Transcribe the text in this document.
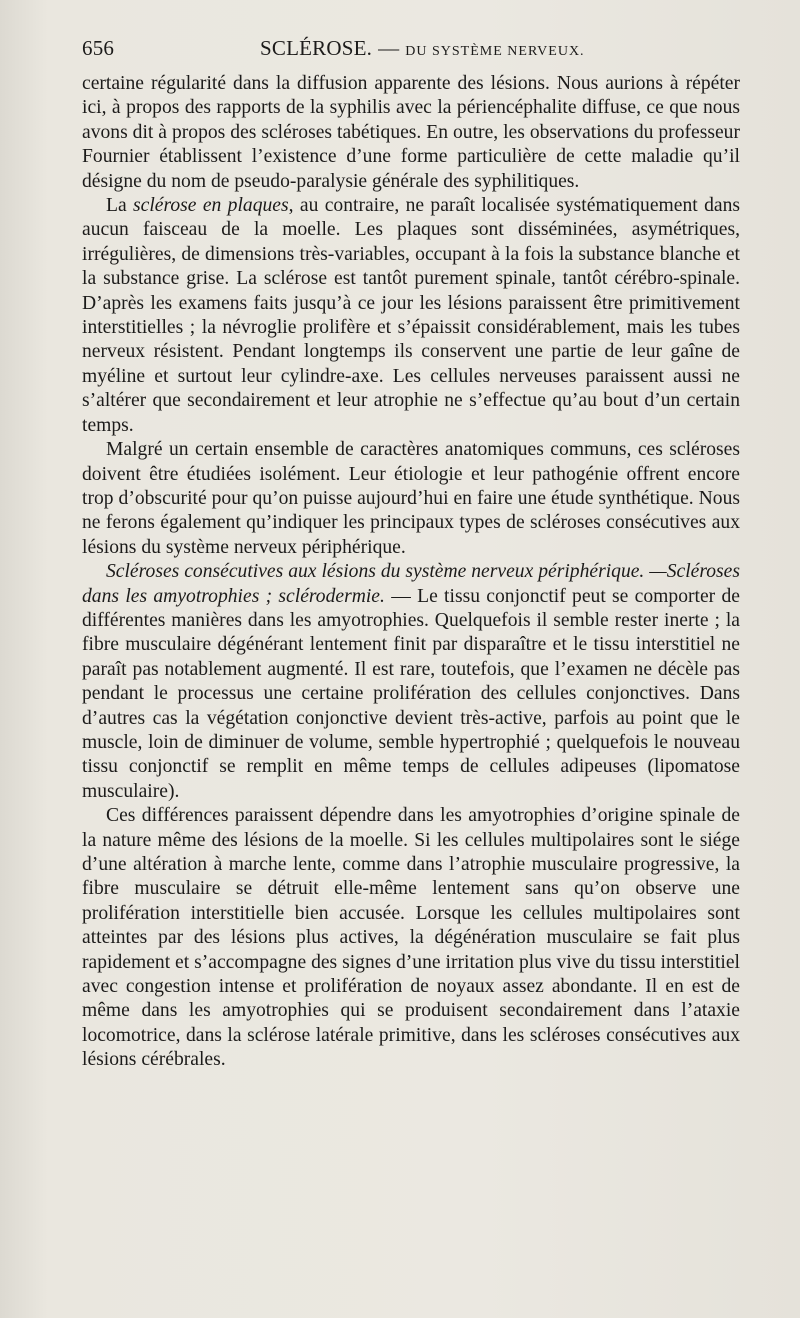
656	SCLÉROSE. — DU SYSTÈME NERVEUX.

certaine régularité dans la diffusion apparente des lésions. Nous aurions à répéter ici, à propos des rapports de la syphilis avec la périencéphalite diffuse, ce que nous avons dit à propos des scléroses tabétiques. En outre, les observations du professeur Fournier établissent l’existence d’une forme particulière de cette maladie qu’il désigne du nom de pseudo-paralysie générale des syphilitiques.

La sclérose en plaques, au contraire, ne paraît localisée systématiquement dans aucun faisceau de la moelle. Les plaques sont disséminées, asymétriques, irrégulières, de dimensions très-variables, occupant à la fois la substance blanche et la substance grise. La sclérose est tantôt purement spinale, tantôt cérébro-spinale. D’après les examens faits jusqu’à ce jour les lésions paraissent être primitivement interstitielles ; la névroglie prolifère et s’épaissit considérablement, mais les tubes nerveux résistent. Pendant longtemps ils conservent une partie de leur gaîne de myéline et surtout leur cylindre-axe. Les cellules nerveuses paraissent aussi ne s’altérer que secondairement et leur atrophie ne s’effectue qu’au bout d’un certain temps.

Malgré un certain ensemble de caractères anatomiques communs, ces scléroses doivent être étudiées isolément. Leur étiologie et leur pathogénie offrent encore trop d’obscurité pour qu’on puisse aujourd’hui en faire une étude synthétique. Nous ne ferons également qu’indiquer les principaux types de scléroses consécutives aux lésions du système nerveux périphérique.

Scléroses consécutives aux lésions du système nerveux périphérique. —Scléroses dans les amyotrophies ; sclérodermie. — Le tissu conjonctif peut se comporter de différentes manières dans les amyotrophies. Quelquefois il semble rester inerte ; la fibre musculaire dégénérant lentement finit par disparaître et le tissu interstitiel ne paraît pas notablement augmenté. Il est rare, toutefois, que l’examen ne décèle pas pendant le processus une certaine prolifération des cellules conjonctives. Dans d’autres cas la végétation conjonctive devient très-active, parfois au point que le muscle, loin de diminuer de volume, semble hypertrophié ; quelquefois le nouveau tissu conjonctif se remplit en même temps de cellules adipeuses (lipomatose musculaire).

Ces différences paraissent dépendre dans les amyotrophies d’origine spinale de la nature même des lésions de la moelle. Si les cellules multipolaires sont le siége d’une altération à marche lente, comme dans l’atrophie musculaire progressive, la fibre musculaire se détruit elle-même lentement sans qu’on observe une prolifération interstitielle bien accusée. Lorsque les cellules multipolaires sont atteintes par des lésions plus actives, la dégénération musculaire se fait plus rapidement et s’accompagne des signes d’une irritation plus vive du tissu interstitiel avec congestion intense et prolifération de noyaux assez abondante. Il en est de même dans les amyotrophies qui se produisent secondairement dans l’ataxie locomotrice, dans la sclérose latérale primitive, dans les scléroses consécutives aux lésions cérébrales.
